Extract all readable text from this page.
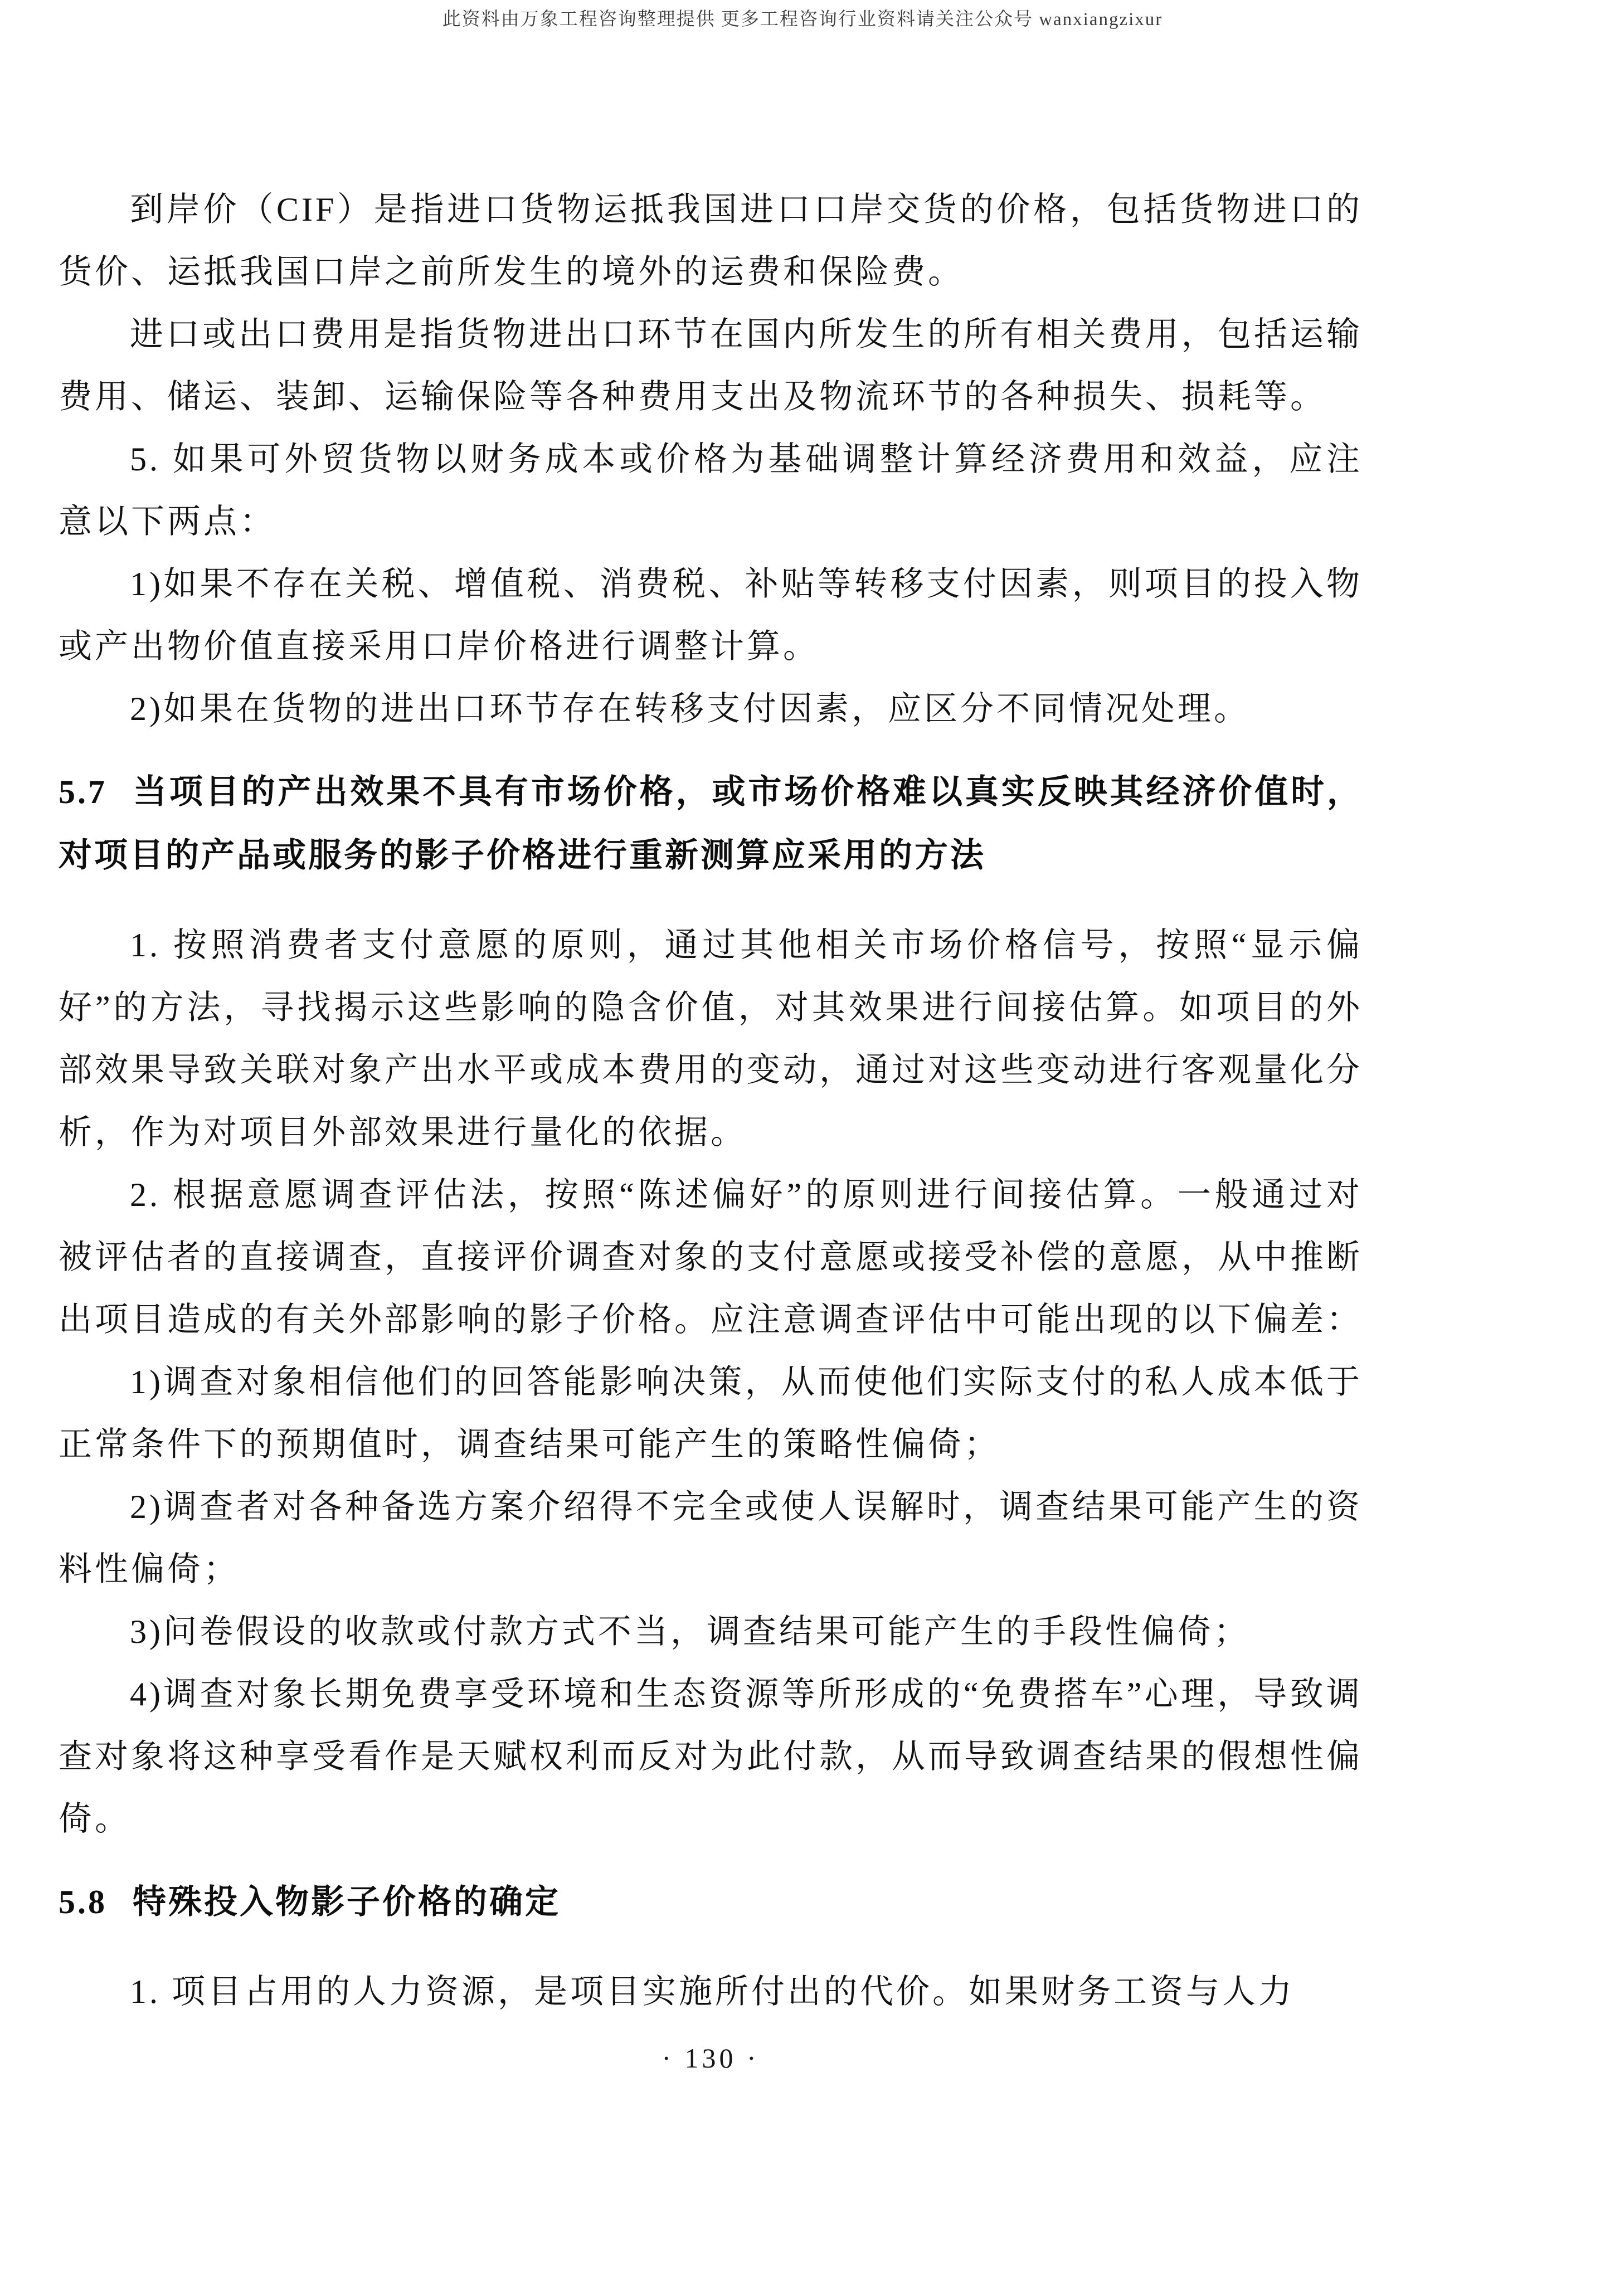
此资料由万象工程咨询整理提供 更多工程咨询行业资料请关注公众号 wanxiangzixur

到岸价（CIF）是指进口货物运抵我国进口口岸交货的价格，包括货物进口的货价、运抵我国口岸之前所发生的境外的运费和保险费。

进口或出口费用是指货物进出口环节在国内所发生的所有相关费用，包括运输费用、储运、装卸、运输保险等各种费用支出及物流环节的各种损失、损耗等。

5. 如果可外贸货物以财务成本或价格为基础调整计算经济费用和效益，应注意以下两点：

1)如果不存在关税、增值税、消费税、补贴等转移支付因素，则项目的投入物或产出物价值直接采用口岸价格进行调整计算。

2)如果在货物的进出口环节存在转移支付因素，应区分不同情况处理。

5.7 当项目的产出效果不具有市场价格，或市场价格难以真实反映其经济价值时，对项目的产品或服务的影子价格进行重新测算应采用的方法

1. 按照消费者支付意愿的原则，通过其他相关市场价格信号，按照“显示偏好”的方法，寻找揭示这些影响的隐含价值，对其效果进行间接估算。如项目的外部效果导致关联对象产出水平或成本费用的变动，通过对这些变动进行客观量化分析，作为对项目外部效果进行量化的依据。

2. 根据意愿调查评估法，按照“陈述偏好”的原则进行间接估算。一般通过对被评估者的直接调查，直接评价调查对象的支付意愿或接受补偿的意愿，从中推断出项目造成的有关外部影响的影子价格。应注意调查评估中可能出现的以下偏差：

1)调查对象相信他们的回答能影响决策，从而使他们实际支付的私人成本低于正常条件下的预期值时，调查结果可能产生的策略性偏倚；

2)调查者对各种备选方案介绍得不完全或使人误解时，调查结果可能产生的资料性偏倚；

3)问卷假设的收款或付款方式不当，调查结果可能产生的手段性偏倚；

4)调查对象长期免费享受环境和生态资源等所形成的“免费搭车”心理，导致调查对象将这种享受看作是天赋权利而反对为此付款，从而导致调查结果的假想性偏倚。

5.8 特殊投入物影子价格的确定

1. 项目占用的人力资源，是项目实施所付出的代价。如果财务工资与人力

· 130 ·
